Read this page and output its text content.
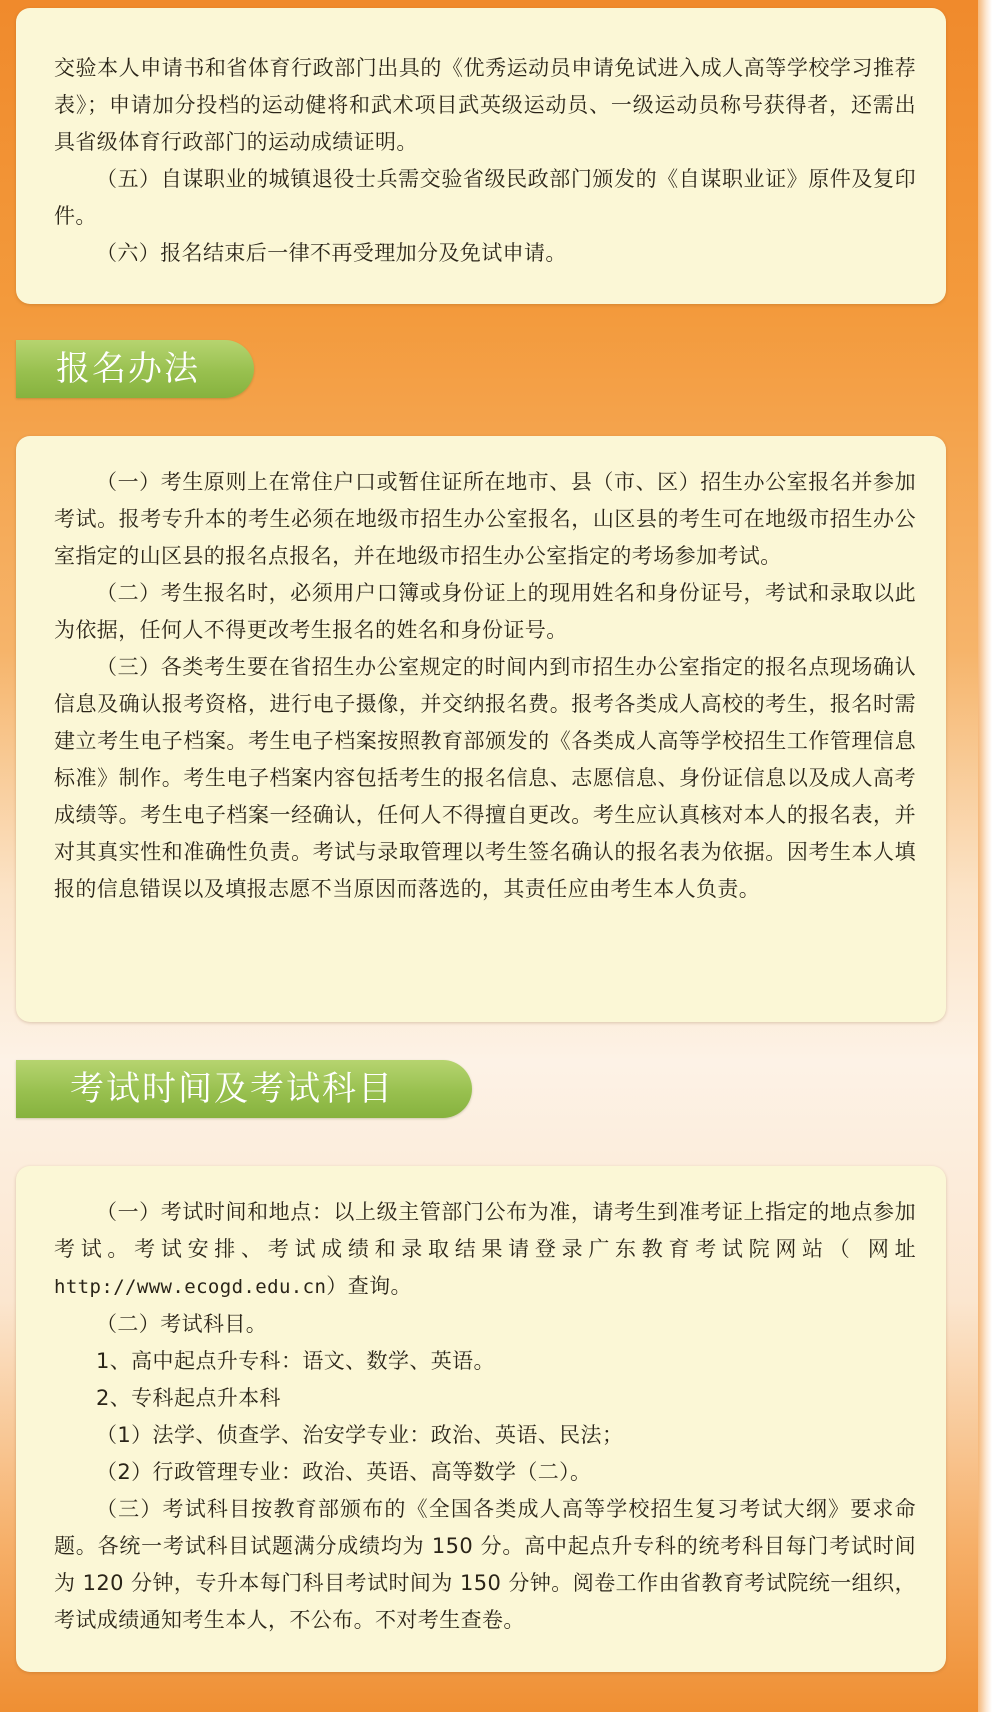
交验本人申请书和省体育行政部门出具的《优秀运动员申请免试进入成人高等学校学习推荐表》；申请加分投档的运动健将和武术项目武英级运动员、一级运动员称号获得者，还需出具省级体育行政部门的运动成绩证明。

（五）自谋职业的城镇退役士兵需交验省级民政部门颁发的《自谋职业证》原件及复印件。

（六）报名结束后一律不再受理加分及免试申请。

报名办法

（一）考生原则上在常住户口或暂住证所在地市、县（市、区）招生办公室报名并参加考试。报考专升本的考生必须在地级市招生办公室报名，山区县的考生可在地级市招生办公室指定的山区县的报名点报名，并在地级市招生办公室指定的考场参加考试。

（二）考生报名时，必须用户口簿或身份证上的现用姓名和身份证号，考试和录取以此为依据，任何人不得更改考生报名的姓名和身份证号。

（三）各类考生要在省招生办公室规定的时间内到市招生办公室指定的报名点现场确认信息及确认报考资格，进行电子摄像，并交纳报名费。报考各类成人高校的考生，报名时需建立考生电子档案。考生电子档案按照教育部颁发的《各类成人高等学校招生工作管理信息标准》制作。考生电子档案内容包括考生的报名信息、志愿信息、身份证信息以及成人高考成绩等。考生电子档案一经确认，任何人不得擅自更改。考生应认真核对本人的报名表，并对其真实性和准确性负责。考试与录取管理以考生签名确认的报名表为依据。因考生本人填报的信息错误以及填报志愿不当原因而落选的，其责任应由考生本人负责。

考试时间及考试科目

（一）考试时间和地点：以上级主管部门公布为准，请考生到准考证上指定的地点参加考试。考试安排、考试成绩和录取结果请登录广东教育考试院网站（ 网址http://www.ecogd.edu.cn）查询。

（二）考试科目。

1、高中起点升专科：语文、数学、英语。

2、专科起点升本科

（1）法学、侦查学、治安学专业：政治、英语、民法；

（2）行政管理专业：政治、英语、高等数学（二）。

（三）考试科目按教育部颁布的《全国各类成人高等学校招生复习考试大纲》要求命题。各统一考试科目试题满分成绩均为 150 分。高中起点升专科的统考科目每门考试时间为 120 分钟，专升本每门科目考试时间为 150 分钟。阅卷工作由省教育考试院统一组织，考试成绩通知考生本人，不公布。不对考生查卷。
